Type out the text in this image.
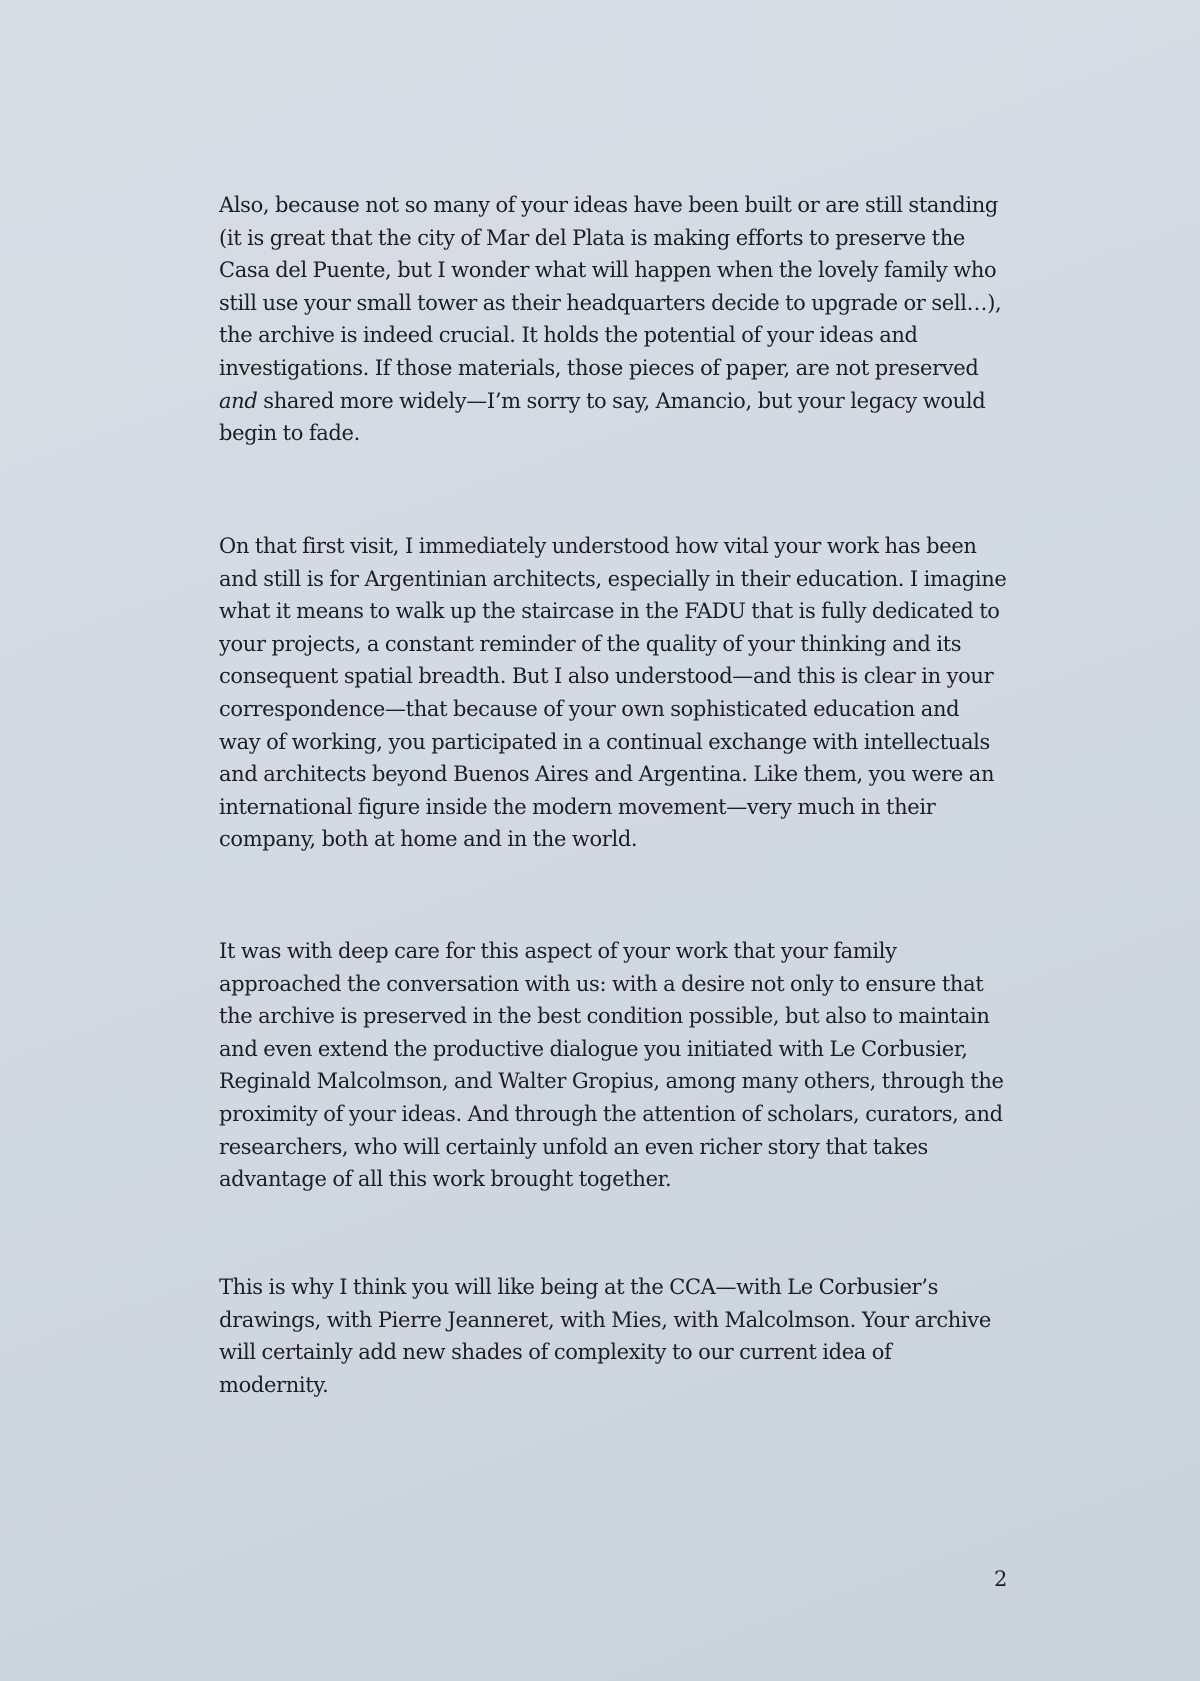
Also, because not so many of your ideas have been built or are still standing
(it is great that the city of Mar del Plata is making efforts to preserve the
Casa del Puente, but I wonder what will happen when the lovely family who
still use your small tower as their headquarters decide to upgrade or sell…),
the archive is indeed crucial. It holds the potential of your ideas and
investigations. If those materials, those pieces of paper, are not preserved
and shared more widely—I’m sorry to say, Amancio, but your legacy would
begin to fade.

On that first visit, I immediately understood how vital your work has been
and still is for Argentinian architects, especially in their education. I imagine
what it means to walk up the staircase in the FADU that is fully dedicated to
your projects, a constant reminder of the quality of your thinking and its
consequent spatial breadth. But I also understood—and this is clear in your
correspondence—that because of your own sophisticated education and
way of working, you participated in a continual exchange with intellectuals
and architects beyond Buenos Aires and Argentina. Like them, you were an
international figure inside the modern movement—very much in their
company, both at home and in the world.

It was with deep care for this aspect of your work that your family
approached the conversation with us: with a desire not only to ensure that
the archive is preserved in the best condition possible, but also to maintain
and even extend the productive dialogue you initiated with Le Corbusier,
Reginald Malcolmson, and Walter Gropius, among many others, through the
proximity of your ideas. And through the attention of scholars, curators, and
researchers, who will certainly unfold an even richer story that takes
advantage of all this work brought together.

This is why I think you will like being at the CCA—with Le Corbusier’s
drawings, with Pierre Jeanneret, with Mies, with Malcolmson. Your archive
will certainly add new shades of complexity to our current idea of
modernity.

2
